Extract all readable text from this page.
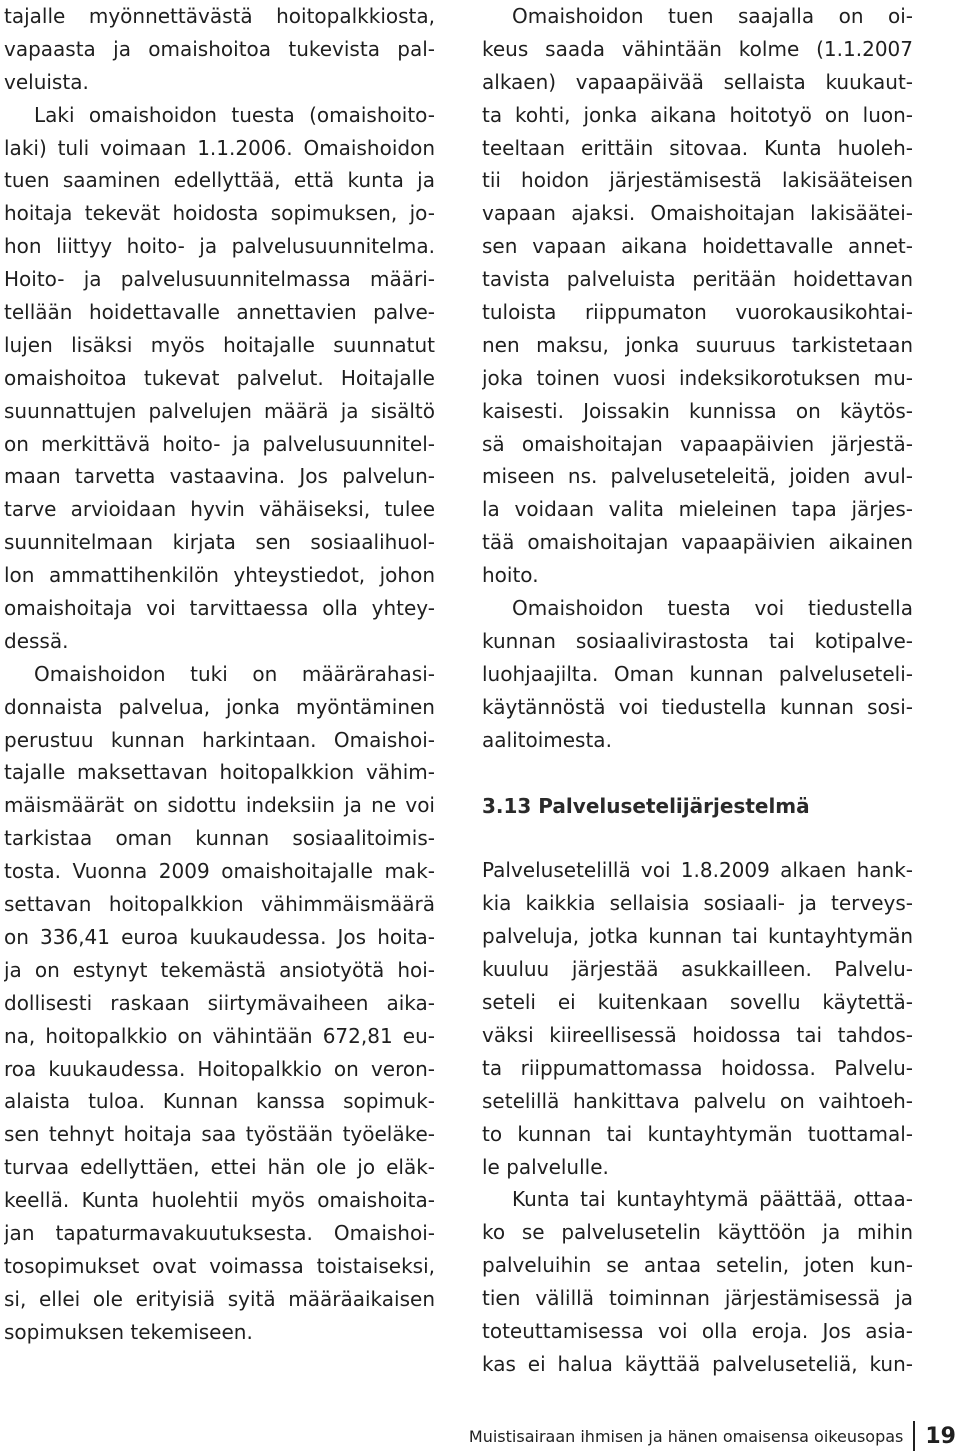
tajalle myönnettävästä hoitopalkkiosta,
vapaasta ja omaishoitoa tukevista pal-
veluista.
Laki omaishoidon tuesta (omaishoito-
laki) tuli voimaan 1.1.2006. Omaishoidon
tuen saaminen edellyttää, että kunta ja
hoitaja tekevät hoidosta sopimuksen, jo-
hon liittyy hoito- ja palvelusuunnitelma.
Hoito- ja palvelusuunnitelmassa määri-
tellään hoidettavalle annettavien palve-
lujen lisäksi myös hoitajalle suunnatut
omaishoitoa tukevat palvelut. Hoitajalle
suunnattujen palvelujen määrä ja sisältö
on merkittävä hoito- ja palvelusuunnitel-
maan tarvetta vastaavina. Jos palvelun-
tarve arvioidaan hyvin vähäiseksi, tulee
suunnitelmaan kirjata sen sosiaalihuol-
lon ammattihenkilön yhteystiedot, johon
omaishoitaja voi tarvittaessa olla yhtey-
dessä.
Omaishoidon tuki on määrärahasi-
donnaista palvelua, jonka myöntäminen
perustuu kunnan harkintaan. Omaishoi-
tajalle maksettavan hoitopalkkion vähim-
mäismäärät on sidottu indeksiin ja ne voi
tarkistaa oman kunnan sosiaalitoimis-
tosta. Vuonna 2009 omaishoitajalle mak-
settavan hoitopalkkion vähimmäismäärä
on 336,41 euroa kuukaudessa. Jos hoita-
ja on estynyt tekemästä ansiotyötä hoi-
dollisesti raskaan siirtymävaiheen aika-
na, hoitopalkkio on vähintään 672,81 eu-
roa kuukaudessa. Hoitopalkkio on veron-
alaista tuloa. Kunnan kanssa sopimuk-
sen tehnyt hoitaja saa työstään työeläke-
turvaa edellyttäen, ettei hän ole jo eläk-
keellä. Kunta huolehtii myös omaishoita-
jan tapaturmavakuutuksesta. Omaishoi-
tosopimukset ovat voimassa toistaiseksi,
si, ellei ole erityisiä syitä määräaikaisen
sopimuksen tekemiseen.
Omaishoidon tuen saajalla on oi-
keus saada vähintään kolme (1.1.2007
alkaen) vapaapäivää sellaista kuukaut-
ta kohti, jonka aikana hoitotyö on luon-
teeltaan erittäin sitovaa. Kunta huoleh-
tii hoidon järjestämisestä lakisääteisen
vapaan ajaksi. Omaishoitajan lakisäätei-
sen vapaan aikana hoidettavalle annet-
tavista palveluista peritään hoidettavan
tuloista riippumaton vuorokausikohtai-
nen maksu, jonka suuruus tarkistetaan
joka toinen vuosi indeksikorotuksen mu-
kaisesti. Joissakin kunnissa on käytös-
sä omaishoitajan vapaapäivien järjestä-
miseen ns. palveluseteleitä, joiden avul-
la voidaan valita mieleinen tapa järjes-
tää omaishoitajan vapaapäivien aikainen
hoito.
Omaishoidon tuesta voi tiedustella
kunnan sosiaalivirastosta tai kotipalve-
luohjaajilta. Oman kunnan palveluseteli-
käytännöstä voi tiedustella kunnan sosi-
aalitoimesta.
3.13 Palvelusetelijärjestelmä
Palvelusetelillä voi 1.8.2009 alkaen hank-
kia kaikkia sellaisia sosiaali- ja terveys-
palveluja, jotka kunnan tai kuntayhtymän
kuuluu järjestää asukkailleen. Palvelu-
seteli ei kuitenkaan sovellu käytettä-
väksi kiireellisessä hoidossa tai tahdos-
ta riippumattomassa hoidossa. Palvelu-
setelillä hankittava palvelu on vaihtoeh-
to kunnan tai kuntayhtymän tuottamal-
le palvelulle.
Kunta tai kuntayhtymä päättää, ottaa-
ko se palvelusetelin käyttöön ja mihin
palveluihin se antaa setelin, joten kun-
tien välillä toiminnan järjestämisessä ja
toteuttamisessa voi olla eroja. Jos asia-
kas ei halua käyttää palveluseteliä, kun-
Muistisairaan ihmisen ja hänen omaisensa oikeusopas	19
